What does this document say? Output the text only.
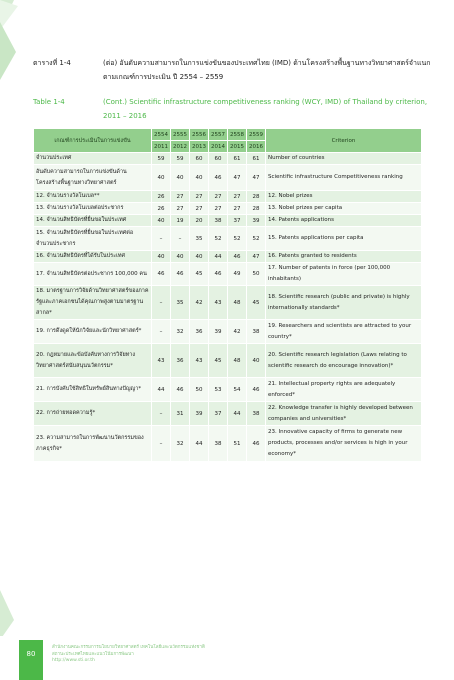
ตารางที่ 1-4	(ต่อ) อันดับความสามารถในการแข่งขันของประเทศไทย (IMD) ด้านโครงสร้างพื้นฐานทางวิทยาศาสตร์จำแนกตามเกณฑ์การประเมิน ปี 2554 – 2559
Table 1-4	(Cont.) Scientific infrastructure competitiveness ranking (WCY, IMD) of Thailand by criterion, 2011 – 2016
เกณฑ์การประเมินในการแข่งขัน	2554	2555	2556	2557	2558	2559	Criterion
	2011	2012	2013	2014	2015	2016	
จำนวนประเทศ	59	59	60	60	61	61	Number of countries
อันดับความสามารถในการแข่งขันด้านโครงสร้างพื้นฐานทางวิทยาศาสตร์	40	40	40	46	47	47	Scientific infrastructure Competitiveness ranking
12. จำนวนรางวัลโนเบล**	26	27	27	27	27	28	12. Nobel prizes
13. จำนวนรางวัลโนเบลต่อประชากร	26	27	27	27	27	28	13. Nobel prizes per capita
14. จำนวนสิทธิบัตรที่ยื่นขอในประเทศ	40	19	20	38	37	39	14. Patents applications
15. จำนวนสิทธิบัตรที่ยื่นขอในประเทศต่อจำนวนประชากร	–	–	35	52	52	52	15. Patents applications per capita
16. จำนวนสิทธิบัตรที่ได้รับในประเทศ	40	40	40	44	46	47	16. Patents granted to residents
17. จำนวนสิทธิบัตรต่อประชากร 100,000 คน	46	46	45	46	49	50	17. Number of patents in force (per 100,000 inhabitants)
18. มาตรฐานการวิจัยด้านวิทยาศาสตร์ของภาครัฐและภาคเอกชนได้คุณภาพสูงตามมาตรฐานสากล*	–	35	42	43	48	45	18. Scientific research (public and private) is highly internationally standards*
19. การดึงดูดให้นักวิจัยและนักวิทยาศาสตร์*	–	32	36	39	42	38	19. Researchers and scientists are attracted to your country*
20. กฎหมายและข้อบังคับทางการวิจัยทางวิทยาศาสตร์สนับสนุนนวัตกรรม*	43	36	43	45	48	40	20. Scientific research legislation (Laws relating to scientific research do encourage innovation)*
21. การบังคับใช้สิทธิในทรัพย์สินทางปัญญา*	44	46	50	53	54	46	21. Intellectual property rights are adequately enforced*
22. การถ่ายทอดความรู้*	–	31	39	37	44	38	22. Knowledge transfer is highly developed between companies and universities*
23. ความสามารถในการพัฒนานวัตกรรมของภาคธุรกิจ*	–	32	44	38	51	46	23. Innovative capacity of firms to generate new products, processes and/or services is high in your economy*
80
สำนักงานคณะกรรมการนโยบายวิทยาศาสตร์ เทคโนโลยีและนวัตกรรมแห่งชาติ
สถานะประเทศไทยและแนวโน้มการพัฒนา
http://www.sti.or.th
